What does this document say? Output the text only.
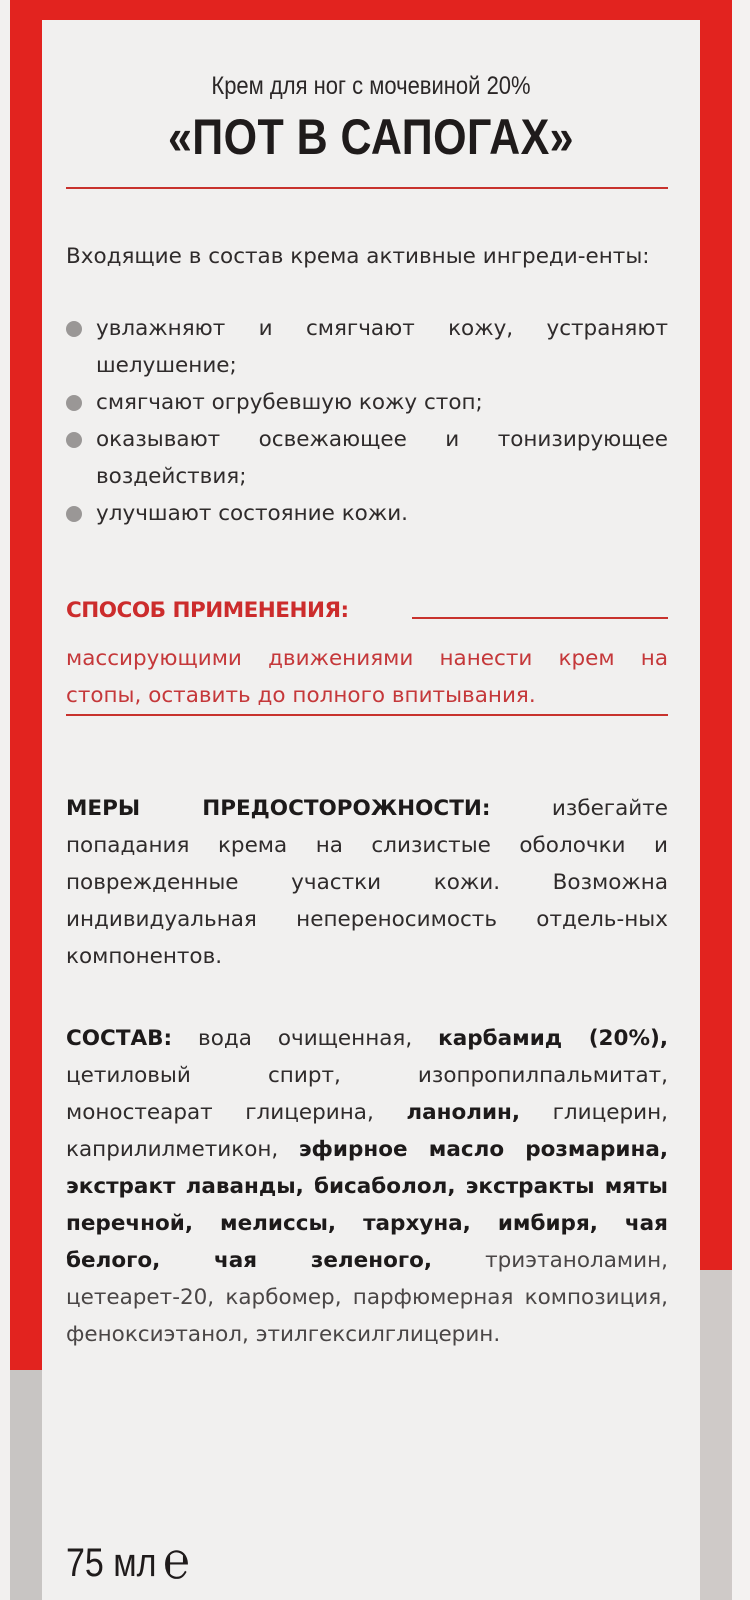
Крем для ног с мочевиной 20%
«ПОТ В САПОГАХ»
Входящие в состав крема активные ингреди-енты:
увлажняют и смягчают кожу, устраняют шелушение;
смягчают огрубевшую кожу стоп;
оказывают освежающее и тонизирующее воздействия;
улучшают состояние кожи.
СПОСОБ ПРИМЕНЕНИЯ:
массирующими движениями нанести крем на стопы, оставить до полного впитывания.
МЕРЫ ПРЕДОСТОРОЖНОСТИ: избегайте попадания крема на слизистые оболочки и поврежденные участки кожи. Возможна индивидуальная непереносимость отдель-ных компонентов.
СОСТАВ: вода очищенная, карбамид (20%), цетиловый спирт, изопропилпальмитат, моностеарат глицерина, ланолин, глицерин, каприлилметикон, эфирное масло розмарина, экстракт лаванды, бисаболол, экстракты мяты перечной, мелиссы, тархуна, имбиря, чая белого, чая зеленого, триэтаноламин, цетеарет-20, карбомер, парфюмерная композиция, феноксиэтанол, этилгексилглицерин.
75 мл ℮
